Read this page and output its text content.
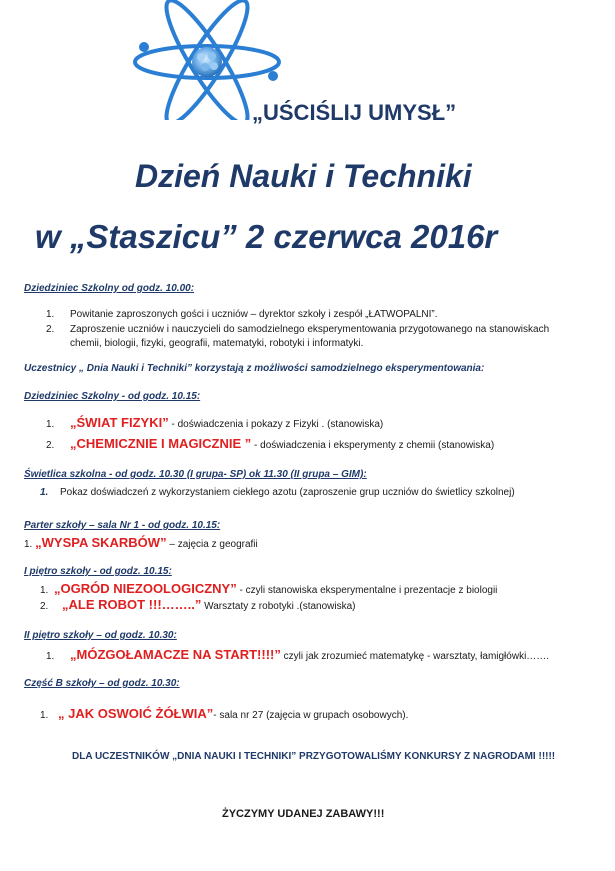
„UŚCIŚLIJ UMYSŁ”
Dzień Nauki i Techniki
w „Staszicu” 2 czerwca 2016r
Dziedziniec Szkolny od godz. 10.00:
1. Powitanie zaproszonych gości i uczniów – dyrektor szkoły i zespół „ŁATWOPALNI”.
2. Zaproszenie uczniów i nauczycieli do samodzielnego eksperymentowania przygotowanego na stanowiskach
chemii, biologii, fizyki, geografii, matematyki, robotyki i informatyki.
Uczestnicy „ Dnia Nauki i Techniki” korzystają z możliwości samodzielnego eksperymentowania:
Dziedziniec Szkolny - od godz. 10.15:
1. „ŚWIAT FIZYKI” - doświadczenia i pokazy z Fizyki . (stanowiska)
2. „CHEMICZNIE I MAGICZNIE ” - doświadczenia i eksperymenty z chemii (stanowiska)
Świetlica szkolna - od godz. 10.30 (I grupa- SP) ok 11.30 (II grupa – GIM):
1. Pokaz doświadczeń z wykorzystaniem ciekłego azotu (zaproszenie grup uczniów do świetlicy szkolnej)
Parter szkoły – sala Nr 1 - od godz. 10.15:
1. „WYSPA SKARBÓW” – zajęcia z geografii
I piętro szkoły - od godz. 10.15:
1. „OGRÓD NIEZOOLOGICZNY” - czyli stanowiska eksperymentalne i prezentacje z biologii
2. „ALE ROBOT !!!……..” Warsztaty z robotyki .(stanowiska)
II piętro szkoły – od godz. 10.30:
1. „MÓZGOŁAMACZE NA START!!!!” czyli jak zrozumieć matematykę - warsztaty, łamigłówki…….
Część B szkoły – od godz. 10.30:
1. „ JAK OSWOIĆ ŻÓŁWIA”- sala nr 27 (zajęcia w grupach osobowych).
DLA UCZESTNIKÓW „DNIA NAUKI I TECHNIKI” PRZYGOTOWALIŚMY KONKURSY Z NAGRODAMI !!!!!
ŻYCZYMY UDANEJ ZABAWY!!!
